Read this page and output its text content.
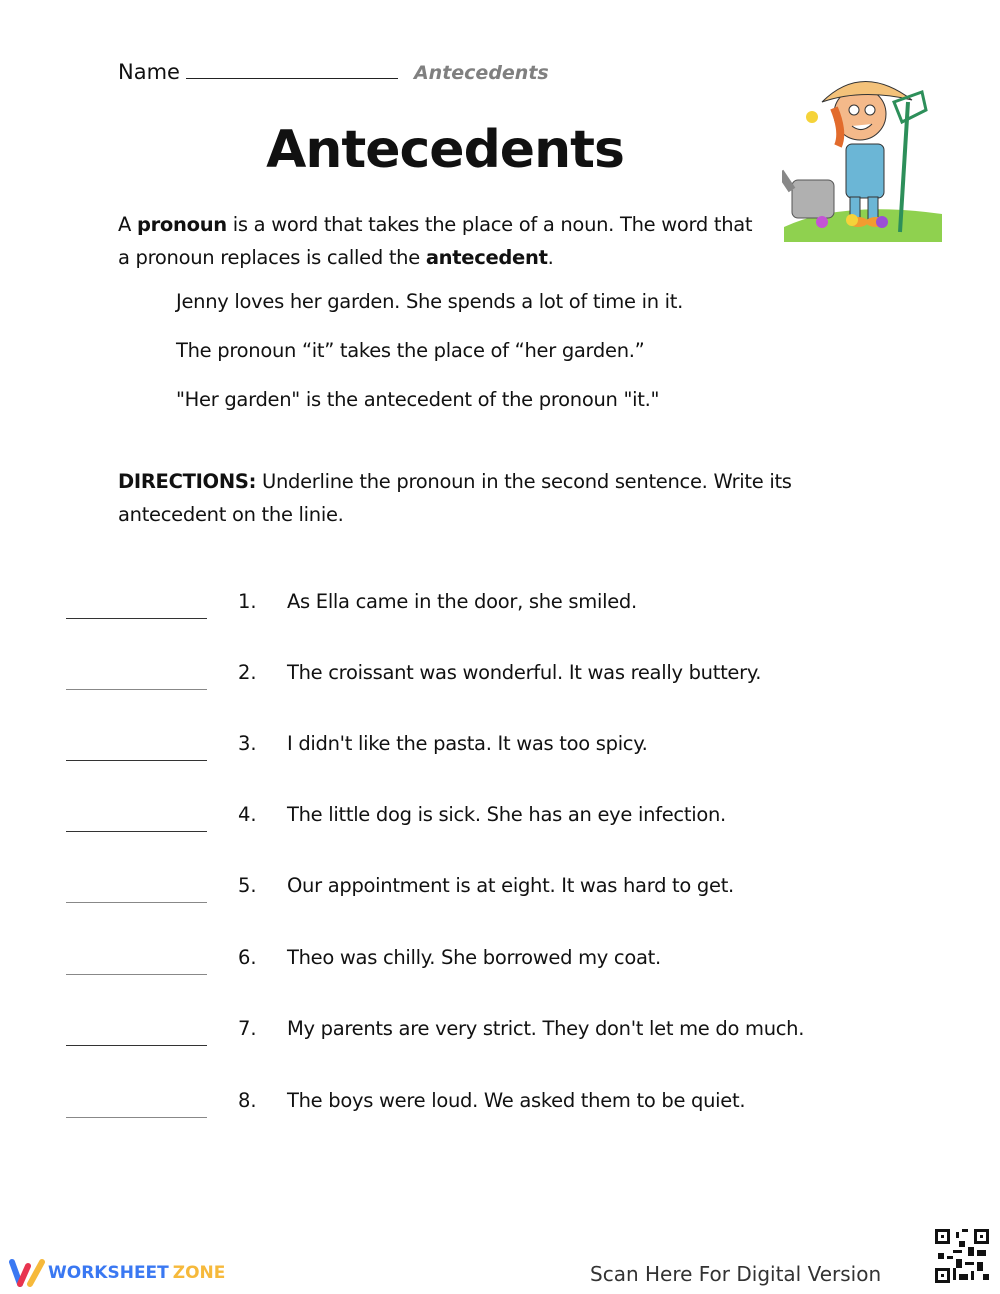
Name	Antecedents
Antecedents
A pronoun is a word that takes the place of a noun. The word that a pronoun replaces is called the antecedent.
Jenny loves her garden. She spends a lot of time in it.
The pronoun “it” takes the place of “her garden.”
"Her garden" is the antecedent of the pronoun "it."
DIRECTIONS: Underline the pronoun in the second sentence. Write its antecedent on the linie.
1. As Ella came in the door, she smiled.
2. The croissant was wonderful. It was really buttery.
3. I didn't like the pasta. It was too spicy.
4. The little dog is sick. She has an eye infection.
5. Our appointment is at eight. It was hard to get.
6. Theo was chilly. She borrowed my coat.
7. My parents are very strict. They don't let me do much.
8. The boys were loud. We asked them to be quiet.
WORKSHEET ZONE	Scan Here For Digital Version
